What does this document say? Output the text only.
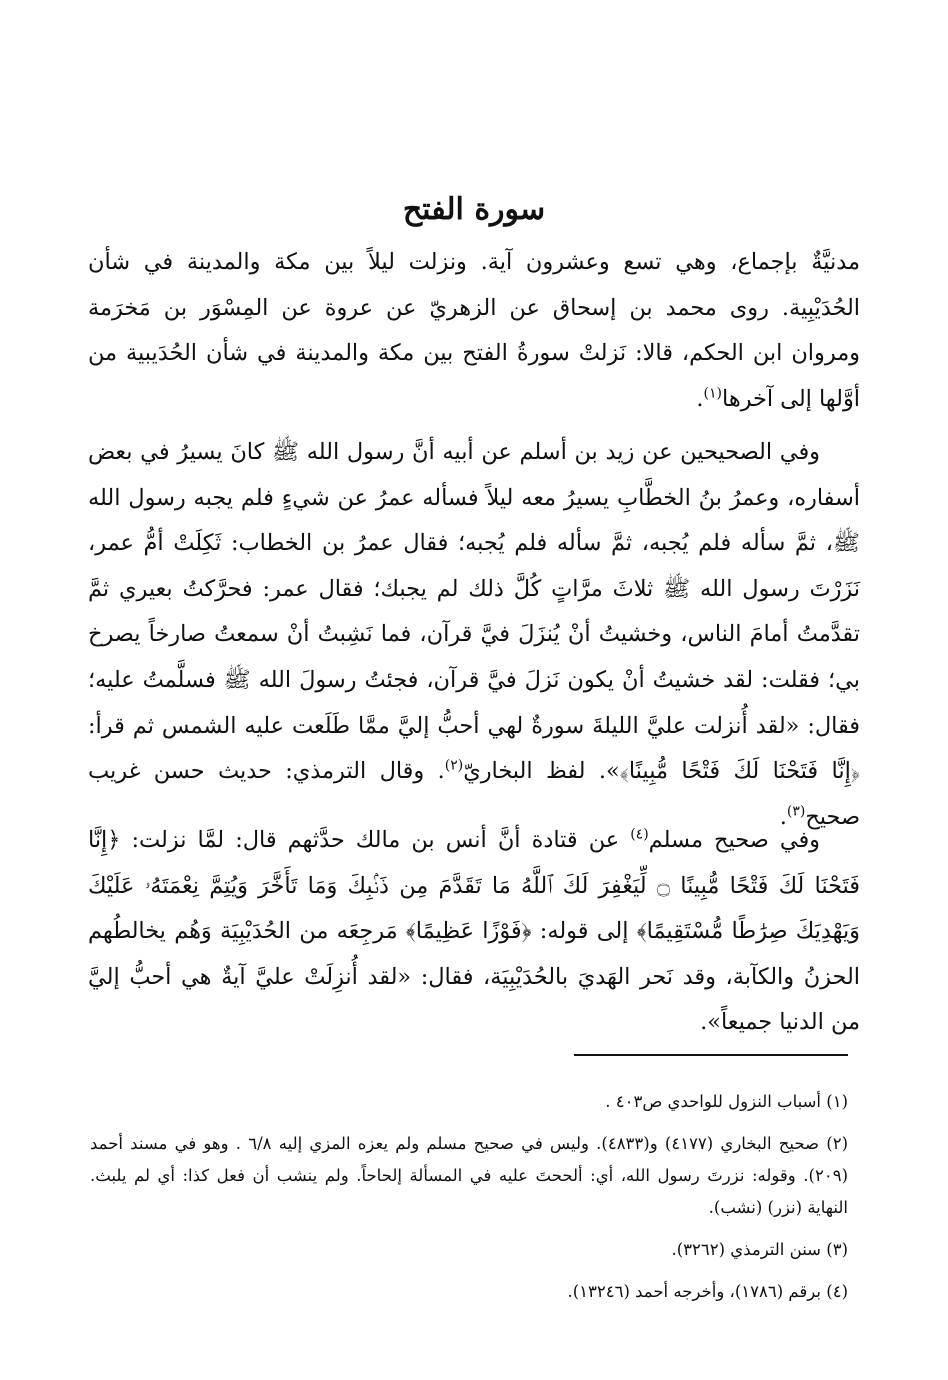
سورة الفتح

مدنيَّةٌ بإجماع، وهي تسع وعشرون آية. ونزلت ليلاً بين مكة والمدينة في شأن الحُدَيْبِية. روى محمد بن إسحاق عن الزهريّ عن عروة عن المِسْوَر بن مَخرَمة ومروان ابن الحكم، قالا: نَزلتْ سورةُ الفتح بين مكة والمدينة في شأن الحُدَيبية من أوَّلها إلى آخرها$^{(١)}$.

وفي الصحيحين عن زيد بن أسلم عن أبيه أنَّ رسول الله ﷺ كانَ يسيرُ في بعض أسفاره، وعمرُ بنُ الخطَّابِ يسيرُ معه ليلاً فسأله عمرُ عن شيءٍ فلم يجبه رسول الله ﷺ، ثمَّ سأله فلم يُجبه، ثمَّ سأله فلم يُجبه؛ فقال عمرُ بن الخطاب: ثَكِلَتْ أمُّ عمر، نَزَرْتَ رسول الله ﷺ ثلاثَ مرَّاتٍ كُلَّ ذلك لم يجبك؛ فقال عمر: فحرَّكتُ بعيري ثمَّ تقدَّمتُ أمامَ الناس، وخشيتُ أنْ يُنزَلَ فيَّ قرآن، فما نَشِبتُ أنْ سمعتُ صارخاً يصرخ بي؛ فقلت: لقد خشيتُ أنْ يكون نَزلَ فيَّ قرآن، فجئتُ رسولَ الله ﷺ فسلَّمتُ عليه؛ فقال: «لقد أُنزلت عليَّ الليلةَ سورةٌ لهي أحبُّ إليَّ ممَّا طَلَعت عليه الشمس ثم قرأ: ﴿إِنَّا فَتَحْنَا لَكَ فَتْحًا مُّبِينًا﴾». لفظ البخاريّ$^{(٢)}$. وقال الترمذي: حديث حسن غريب صحيح$^{(٣)}$.

وفي صحيح مسلم$^{(٤)}$ عن قتادة أنَّ أنس بن مالك حدَّثهم قال: لمَّا نزلت: ﴿إِنَّا فَتَحْنَا لَكَ فَتْحًا مُّبِينًا ۝ لِّيَغْفِرَ لَكَ ٱللَّهُ مَا تَقَدَّمَ مِن ذَنۢبِكَ وَمَا تَأَخَّرَ وَيُتِمَّ نِعْمَتَهُۥ عَلَيْكَ وَيَهْدِيَكَ صِرَٰطًا مُّسْتَقِيمًا﴾ إلى قوله: ﴿فَوْزًا عَظِيمًا﴾ مَرجِعَه من الحُدَيْبِيَة وَهُم يخالطُهم الحزنُ والكآبة، وقد نَحر الهَديَ بالحُدَيْبِيَة، فقال: «لقد أُنزِلَتْ عليَّ آيةٌ هي أحبُّ إليَّ من الدنيا جميعاً».

(١) أسباب النزول للواحدي ص٤٠٣ .

(٢) صحيح البخاري (٤١٧٧) و(٤٨٣٣). وليس في صحيح مسلم ولم يعزه المزي إليه ٦/٨ . وهو في مسند أحمد (٢٠٩). وقوله: نزرتَ رسول الله، أي: ألححتَ عليه في المسألة إلحاحاً. ولم ينشب أن فعل كذا: أي لم يلبث. النهاية (نزر) (نشب).

(٣) سنن الترمذي (٣٢٦٢).

(٤) برقم (١٧٨٦)، وأخرجه أحمد (١٣٢٤٦).
